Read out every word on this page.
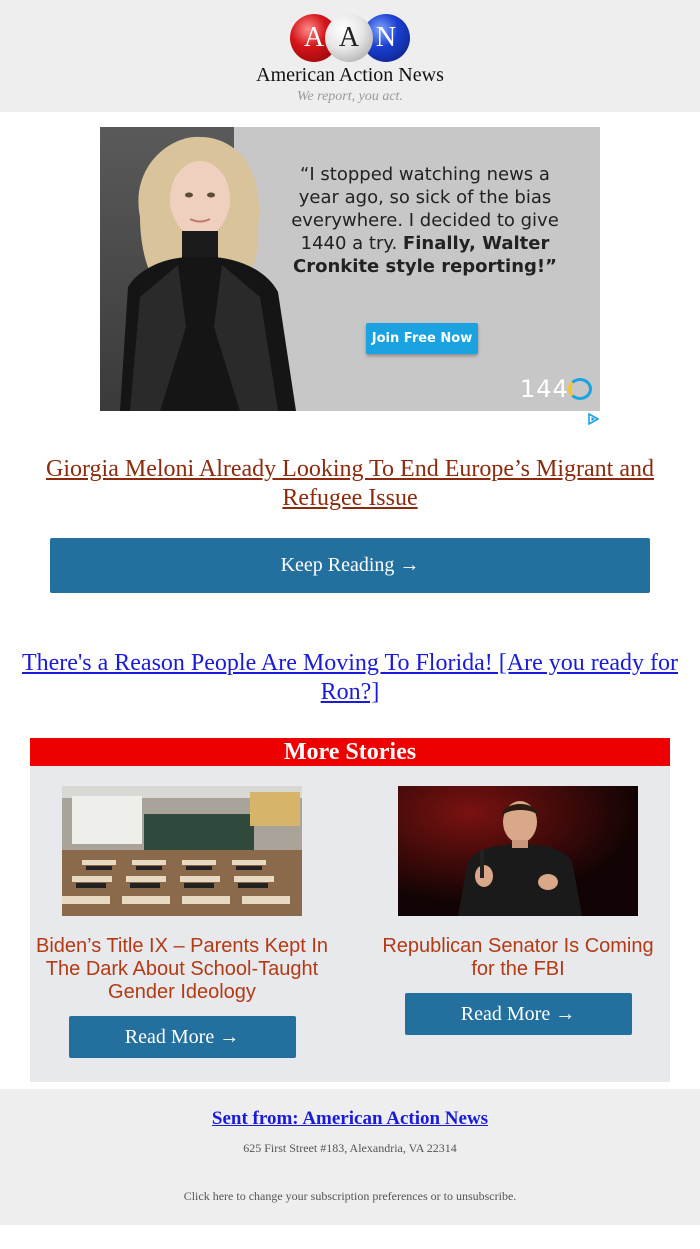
A A N
American Action News
We report, you act.
“I stopped watching news a year ago, so sick of the bias everywhere. I decided to give 1440 a try. Finally, Walter Cronkite style reporting!”
Join Free Now
144
Giorgia Meloni Already Looking To End Europe’s Migrant and Refugee Issue
Keep Reading →
There's a Reason People Are Moving To Florida! [Are you ready for Ron?]
More Stories
Biden’s Title IX – Parents Kept In The Dark About School-Taught Gender Ideology
Read More →
Republican Senator Is Coming for the FBI
Read More →
Sent from: American Action News
625 First Street #183, Alexandria, VA 22314
Click here to change your subscription preferences or to unsubscribe.
